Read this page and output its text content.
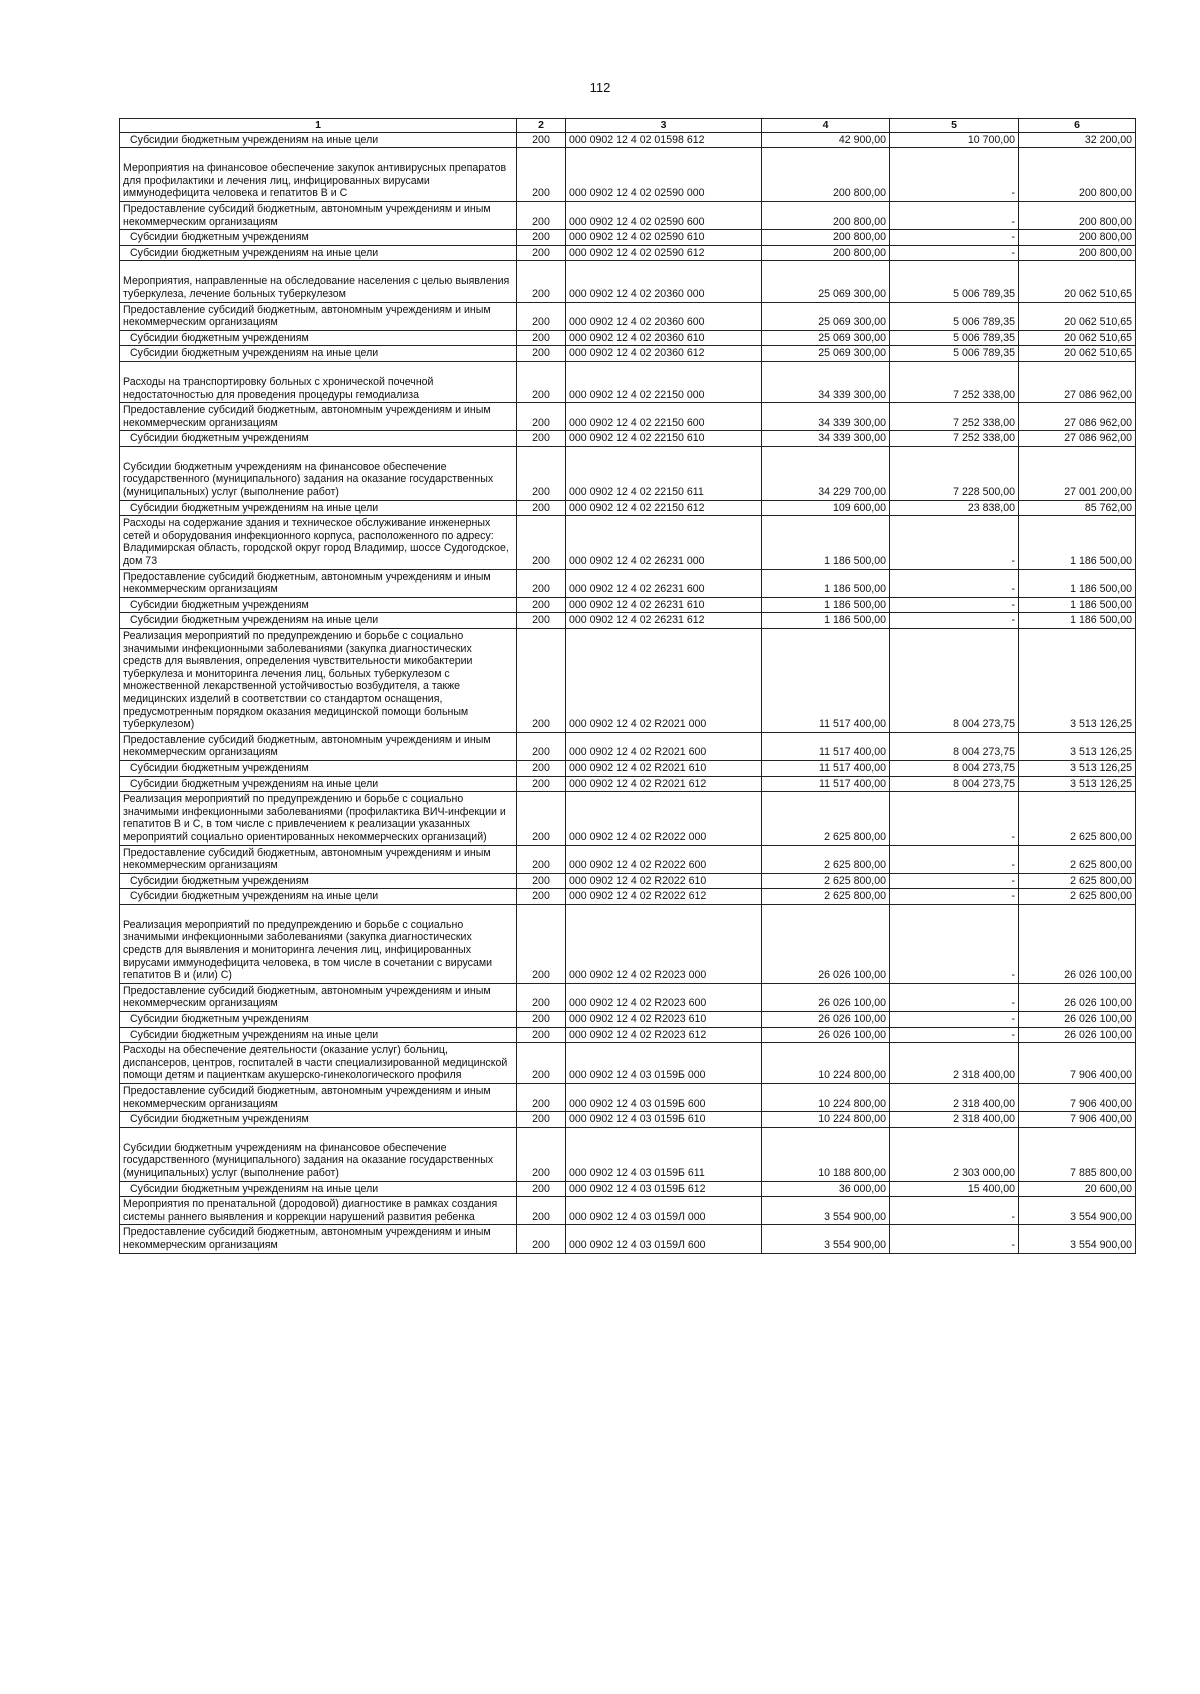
112
1	2	3	4	5	6
Субсидии бюджетным учреждениям на иные цели	200	000 0902 12 4 02 01598 612	42 900,00	10 700,00	32 200,00
Мероприятия на финансовое обеспечение закупок антивирусных препаратов для профилактики и лечения лиц, инфицированных вирусами иммунодефицита человека и гепатитов В и С	200	000 0902 12 4 02 02590 000	200 800,00	-	200 800,00
Предоставление субсидий бюджетным, автономным учреждениям и иным некоммерческим организациям	200	000 0902 12 4 02 02590 600	200 800,00	-	200 800,00
Субсидии бюджетным учреждениям	200	000 0902 12 4 02 02590 610	200 800,00	-	200 800,00
Субсидии бюджетным учреждениям на иные цели	200	000 0902 12 4 02 02590 612	200 800,00	-	200 800,00
Мероприятия, направленные на обследование населения с целью выявления туберкулеза, лечение больных туберкулезом	200	000 0902 12 4 02 20360 000	25 069 300,00	5 006 789,35	20 062 510,65
Предоставление субсидий бюджетным, автономным учреждениям и иным некоммерческим организациям	200	000 0902 12 4 02 20360 600	25 069 300,00	5 006 789,35	20 062 510,65
Субсидии бюджетным учреждениям	200	000 0902 12 4 02 20360 610	25 069 300,00	5 006 789,35	20 062 510,65
Субсидии бюджетным учреждениям на иные цели	200	000 0902 12 4 02 20360 612	25 069 300,00	5 006 789,35	20 062 510,65
Расходы на транспортировку больных с хронической почечной недостаточностью для проведения процедуры гемодиализа	200	000 0902 12 4 02 22150 000	34 339 300,00	7 252 338,00	27 086 962,00
Предоставление субсидий бюджетным, автономным учреждениям и иным некоммерческим организациям	200	000 0902 12 4 02 22150 600	34 339 300,00	7 252 338,00	27 086 962,00
Субсидии бюджетным учреждениям	200	000 0902 12 4 02 22150 610	34 339 300,00	7 252 338,00	27 086 962,00
Субсидии бюджетным учреждениям на финансовое обеспечение государственного (муниципального) задания на оказание государственных (муниципальных) услуг (выполнение работ)	200	000 0902 12 4 02 22150 611	34 229 700,00	7 228 500,00	27 001 200,00
Субсидии бюджетным учреждениям на иные цели	200	000 0902 12 4 02 22150 612	109 600,00	23 838,00	85 762,00
Расходы на содержание здания и техническое обслуживание инженерных сетей и оборудования инфекционного корпуса, расположенного по адресу: Владимирская область, городской округ город Владимир, шоссе Судогодское, дом 73	200	000 0902 12 4 02 26231 000	1 186 500,00	-	1 186 500,00
Предоставление субсидий бюджетным, автономным учреждениям и иным некоммерческим организациям	200	000 0902 12 4 02 26231 600	1 186 500,00	-	1 186 500,00
Субсидии бюджетным учреждениям	200	000 0902 12 4 02 26231 610	1 186 500,00	-	1 186 500,00
Субсидии бюджетным учреждениям на иные цели	200	000 0902 12 4 02 26231 612	1 186 500,00	-	1 186 500,00
Реализация мероприятий по предупреждению и борьбе с социально значимыми инфекционными заболеваниями (закупка диагностических средств для выявления, определения чувствительности микобактерии туберкулеза и мониторинга лечения лиц, больных туберкулезом с множественной лекарственной устойчивостью возбудителя, а также медицинских изделий в соответствии со стандартом оснащения, предусмотренным порядком оказания медицинской помощи больным туберкулезом)	200	000 0902 12 4 02 R2021 000	11 517 400,00	8 004 273,75	3 513 126,25
Предоставление субсидий бюджетным, автономным учреждениям и иным некоммерческим организациям	200	000 0902 12 4 02 R2021 600	11 517 400,00	8 004 273,75	3 513 126,25
Субсидии бюджетным учреждениям	200	000 0902 12 4 02 R2021 610	11 517 400,00	8 004 273,75	3 513 126,25
Субсидии бюджетным учреждениям на иные цели	200	000 0902 12 4 02 R2021 612	11 517 400,00	8 004 273,75	3 513 126,25
Реализация мероприятий по предупреждению и борьбе с социально значимыми инфекционными заболеваниями (профилактика ВИЧ-инфекции и гепатитов В и С, в том числе с привлечением к реализации указанных мероприятий социально ориентированных некоммерческих организаций)	200	000 0902 12 4 02 R2022 000	2 625 800,00	-	2 625 800,00
Предоставление субсидий бюджетным, автономным учреждениям и иным некоммерческим организациям	200	000 0902 12 4 02 R2022 600	2 625 800,00	-	2 625 800,00
Субсидии бюджетным учреждениям	200	000 0902 12 4 02 R2022 610	2 625 800,00	-	2 625 800,00
Субсидии бюджетным учреждениям на иные цели	200	000 0902 12 4 02 R2022 612	2 625 800,00	-	2 625 800,00
Реализация мероприятий по предупреждению и борьбе с социально значимыми инфекционными заболеваниями (закупка диагностических средств для выявления и мониторинга лечения лиц, инфицированных вирусами иммунодефицита человека, в том числе в сочетании с вирусами гепатитов В и (или) С)	200	000 0902 12 4 02 R2023 000	26 026 100,00	-	26 026 100,00
Предоставление субсидий бюджетным, автономным учреждениям и иным некоммерческим организациям	200	000 0902 12 4 02 R2023 600	26 026 100,00	-	26 026 100,00
Субсидии бюджетным учреждениям	200	000 0902 12 4 02 R2023 610	26 026 100,00	-	26 026 100,00
Субсидии бюджетным учреждениям на иные цели	200	000 0902 12 4 02 R2023 612	26 026 100,00	-	26 026 100,00
Расходы на обеспечение деятельности (оказание услуг) больниц, диспансеров, центров, госпиталей в части специализированной медицинской помощи детям и пациенткам акушерско-гинекологического профиля	200	000 0902 12 4 03 0159Б 000	10 224 800,00	2 318 400,00	7 906 400,00
Предоставление субсидий бюджетным, автономным учреждениям и иным некоммерческим организациям	200	000 0902 12 4 03 0159Б 600	10 224 800,00	2 318 400,00	7 906 400,00
Субсидии бюджетным учреждениям	200	000 0902 12 4 03 0159Б 610	10 224 800,00	2 318 400,00	7 906 400,00
Субсидии бюджетным учреждениям на финансовое обеспечение государственного (муниципального) задания на оказание государственных (муниципальных) услуг (выполнение работ)	200	000 0902 12 4 03 0159Б 611	10 188 800,00	2 303 000,00	7 885 800,00
Субсидии бюджетным учреждениям на иные цели	200	000 0902 12 4 03 0159Б 612	36 000,00	15 400,00	20 600,00
Мероприятия по пренатальной (дородовой) диагностике в рамках создания системы раннего выявления и коррекции нарушений развития ребенка	200	000 0902 12 4 03 0159Л 000	3 554 900,00	-	3 554 900,00
Предоставление субсидий бюджетным, автономным учреждениям и иным некоммерческим организациям	200	000 0902 12 4 03 0159Л 600	3 554 900,00	-	3 554 900,00
